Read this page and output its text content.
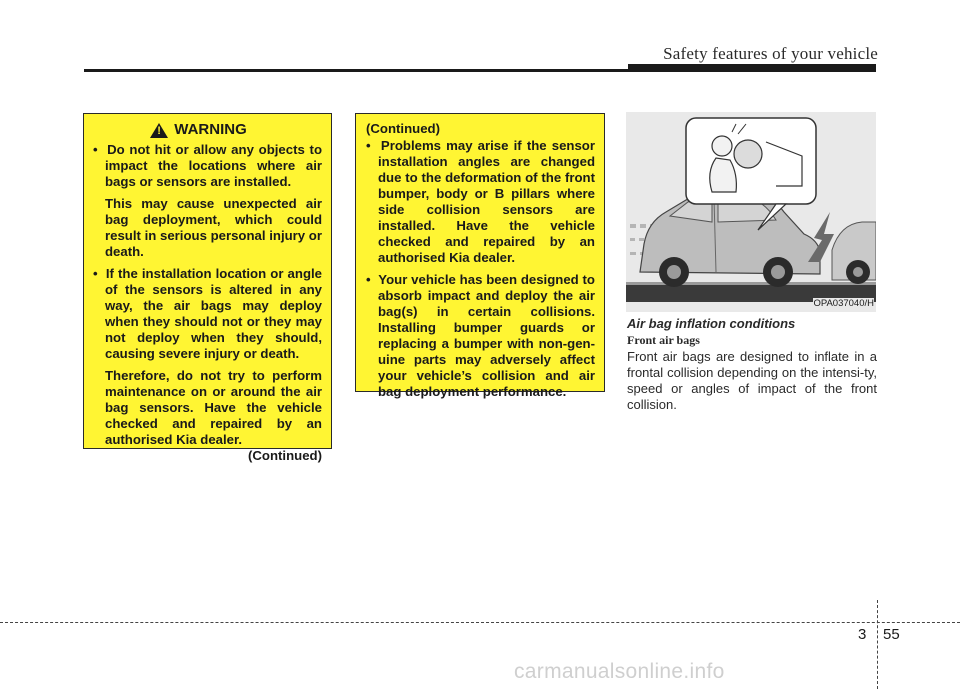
Safety features of your vehicle
!
WARNING
•  Do not hit or allow any objects to impact the locations where air bags or sensors are installed.
This may cause unexpected air bag deployment, which could result in serious personal injury or death.
•  If the installation location or angle of the sensors is altered in any way, the air bags may deploy when they should not or they may not deploy when they should, causing severe injury or death.
Therefore, do not try to perform maintenance on or around the air bag sensors. Have the vehicle checked and repaired by an authorised Kia dealer.
(Continued)
(Continued)
•  Problems may arise if the sensor installation angles are changed due to the deformation of the front bumper, body or B pillars where side collision sensors are installed. Have the vehicle checked and repaired by an authorised Kia dealer.
•  Your vehicle has been designed to absorb impact and deploy the air bag(s) in certain collisions. Installing bumper guards or replacing a bumper with non-gen-uine parts may adversely affect your vehicle’s collision and air bag deployment performance.
OPA037040/H
Air bag inflation conditions
Front air bags
Front air bags are designed to inflate in a frontal collision depending on the intensi-ty, speed or angles of impact of the front collision.
3 55
carmanualsonline.info
